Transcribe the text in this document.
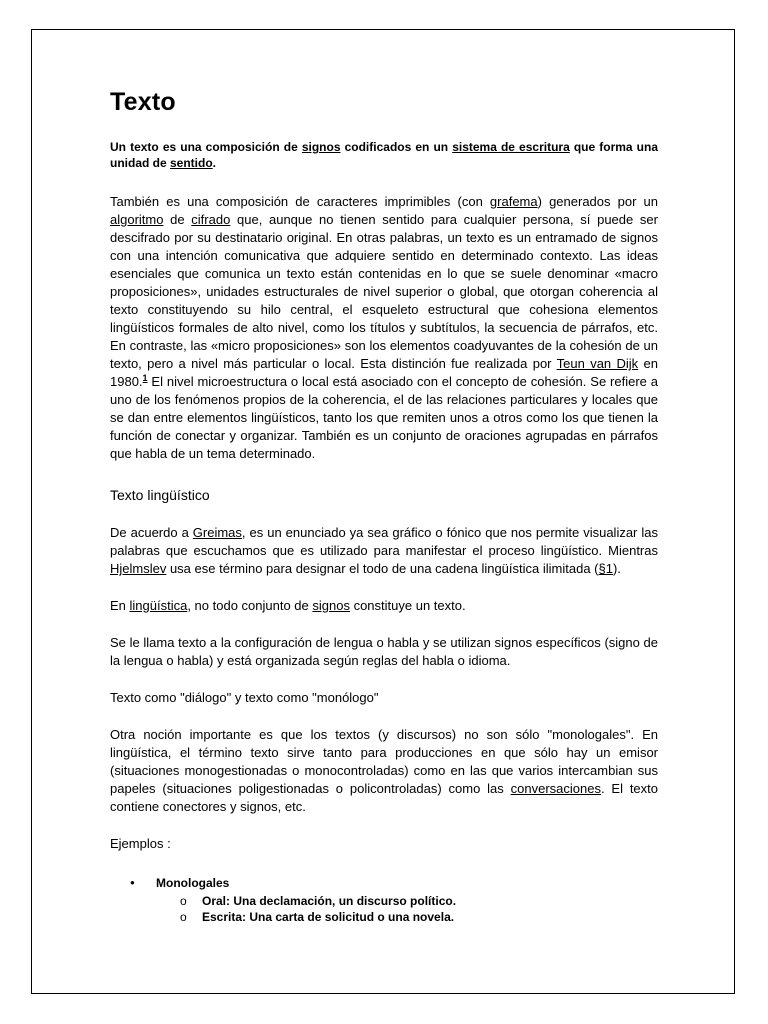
Texto

Un texto es una composición de signos codificados en un sistema de escritura que forma una unidad de sentido.

También es una composición de caracteres imprimibles (con grafema) generados por un algoritmo de cifrado que, aunque no tienen sentido para cualquier persona, sí puede ser descifrado por su destinatario original. En otras palabras, un texto es un entramado de signos con una intención comunicativa que adquiere sentido en determinado contexto. Las ideas esenciales que comunica un texto están contenidas en lo que se suele denominar «macro proposiciones», unidades estructurales de nivel superior o global, que otorgan coherencia al texto constituyendo su hilo central, el esqueleto estructural que cohesiona elementos lingüísticos formales de alto nivel, como los títulos y subtítulos, la secuencia de párrafos, etc. En contraste, las «micro proposiciones» son los elementos coadyuvantes de la cohesión de un texto, pero a nivel más particular o local. Esta distinción fue realizada por Teun van Dijk en 1980.$^1$ El nivel microestructura o local está asociado con el concepto de cohesión. Se refiere a uno de los fenómenos propios de la coherencia, el de las relaciones particulares y locales que se dan entre elementos lingüísticos, tanto los que remiten unos a otros como los que tienen la función de conectar y organizar. También es un conjunto de oraciones agrupadas en párrafos que habla de un tema determinado.

Texto lingüístico

De acuerdo a Greimas, es un enunciado ya sea gráfico o fónico que nos permite visualizar las palabras que escuchamos que es utilizado para manifestar el proceso lingüístico. Mientras Hjelmslev usa ese término para designar el todo de una cadena lingüística ilimitada (§1).

En lingüística, no todo conjunto de signos constituye un texto.

Se le llama texto a la configuración de lengua o habla y se utilizan signos específicos (signo de la lengua o habla) y está organizada según reglas del habla o idioma.

Texto como "diálogo" y texto como "monólogo"

Otra noción importante es que los textos (y discursos) no son sólo "monologales". En lingüística, el término texto sirve tanto para producciones en que sólo hay un emisor (situaciones monogestionadas o monocontroladas) como en las que varios intercambian sus papeles (situaciones poligestionadas o policontroladas) como las conversaciones. El texto contiene conectores y signos, etc.

Ejemplos :

● Monologales
o Oral: Una declamación, un discurso político.
o Escrita: Una carta de solicitud o una novela.
